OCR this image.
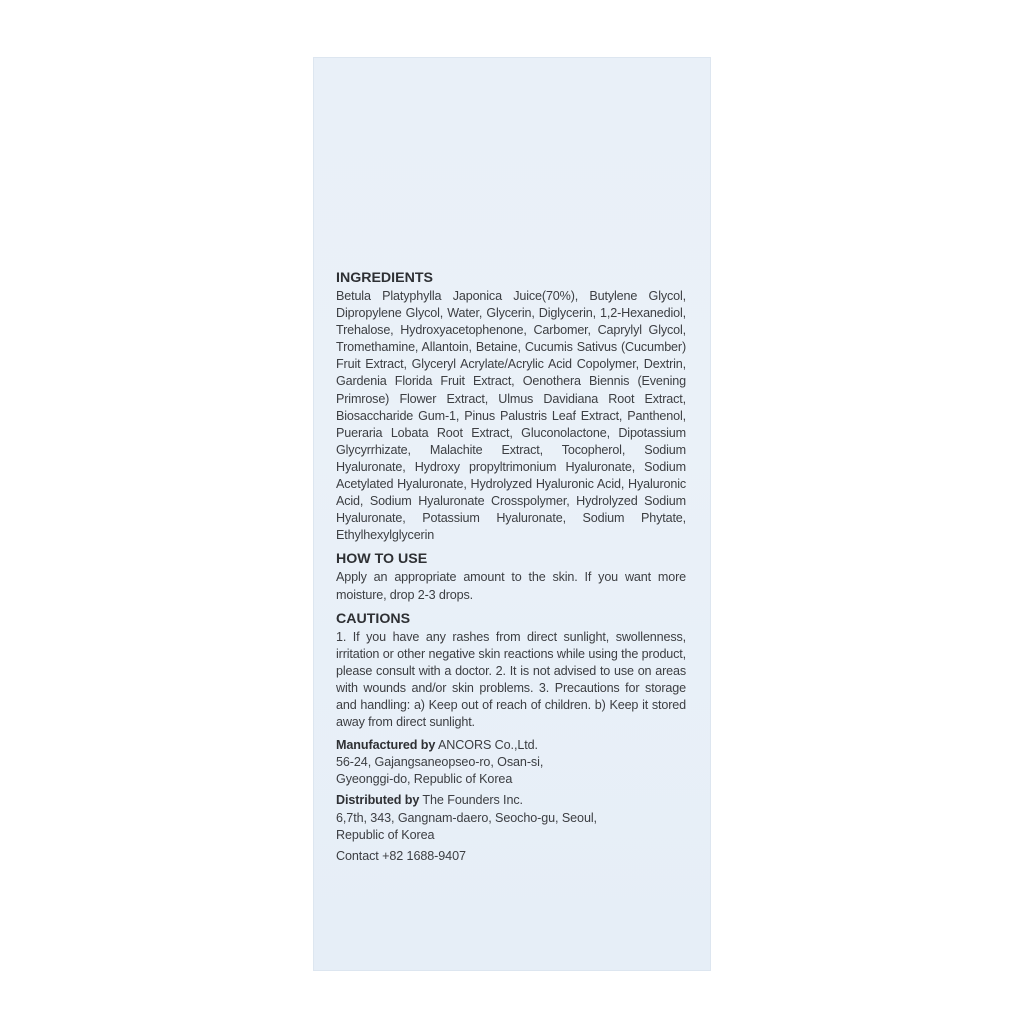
INGREDIENTS

Betula Platyphylla Japonica Juice(70%), Butylene Glycol, Dipropylene Glycol, Water, Glycerin, Diglycerin, 1,2-Hexanediol, Trehalose, Hydroxyacetophenone, Carbomer, Caprylyl Glycol, Tromethamine, Allantoin, Betaine, Cucumis Sativus (Cucumber) Fruit Extract, Glyceryl Acrylate/Acrylic Acid Copolymer, Dextrin, Gardenia Florida Fruit Extract, Oenothera Biennis (Evening Primrose) Flower Extract, Ulmus Davidiana Root Extract, Biosaccharide Gum-1, Pinus Palustris Leaf Extract, Panthenol, Pueraria Lobata Root Extract, Gluconolactone, Dipotassium Glycyrrhizate, Malachite Extract, Tocopherol, Sodium Hyaluronate, Hydroxy propyltrimonium Hyaluronate, Sodium Acetylated Hyaluronate, Hydrolyzed Hyaluronic Acid, Hyaluronic Acid, Sodium Hyaluronate Crosspolymer, Hydrolyzed Sodium Hyaluronate, Potassium Hyaluronate, Sodium Phytate, Ethylhexylglycerin

HOW TO USE

Apply an appropriate amount to the skin. If you want more moisture, drop 2-3 drops.

CAUTIONS

1. If you have any rashes from direct sunlight, swollenness, irritation or other negative skin reactions while using the product, please consult with a doctor. 2. It is not advised to use on areas with wounds and/or skin problems. 3. Precautions for storage and handling: a) Keep out of reach of children. b) Keep it stored away from direct sunlight.

Manufactured by ANCORS Co.,Ltd.

56-24, Gajangsaneopseo-ro, Osan-si,

Gyeonggi-do, Republic of Korea

Distributed by The Founders Inc.

6,7th, 343, Gangnam-daero, Seocho-gu, Seoul,

Republic of Korea

Contact +82 1688-9407
